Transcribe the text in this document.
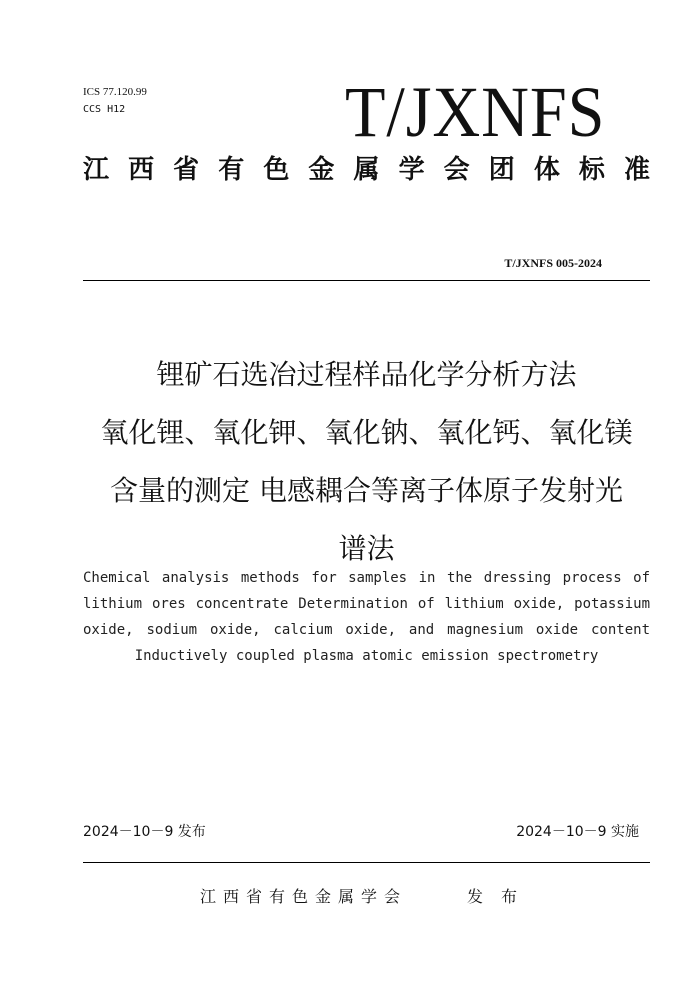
ICS 77.120.99
CCS H12	T/JXNFS
江西省有色金属学会团体标准
T/JXNFS 005-2024
锂矿石选冶过程样品化学分析方法
氧化锂、氧化钾、氧化钠、氧化钙、氧化镁
含量的测定 电感耦合等离子体原子发射光
谱法
Chemical analysis methods for samples in the dressing process of lithium ores concentrate Determination of lithium oxide, potassium oxide, sodium oxide, calcium oxide, and magnesium oxide content Inductively coupled plasma atomic emission spectrometry
2024－10－9 发布	2024－10－9 实施
江西省有色金属学会	发布
